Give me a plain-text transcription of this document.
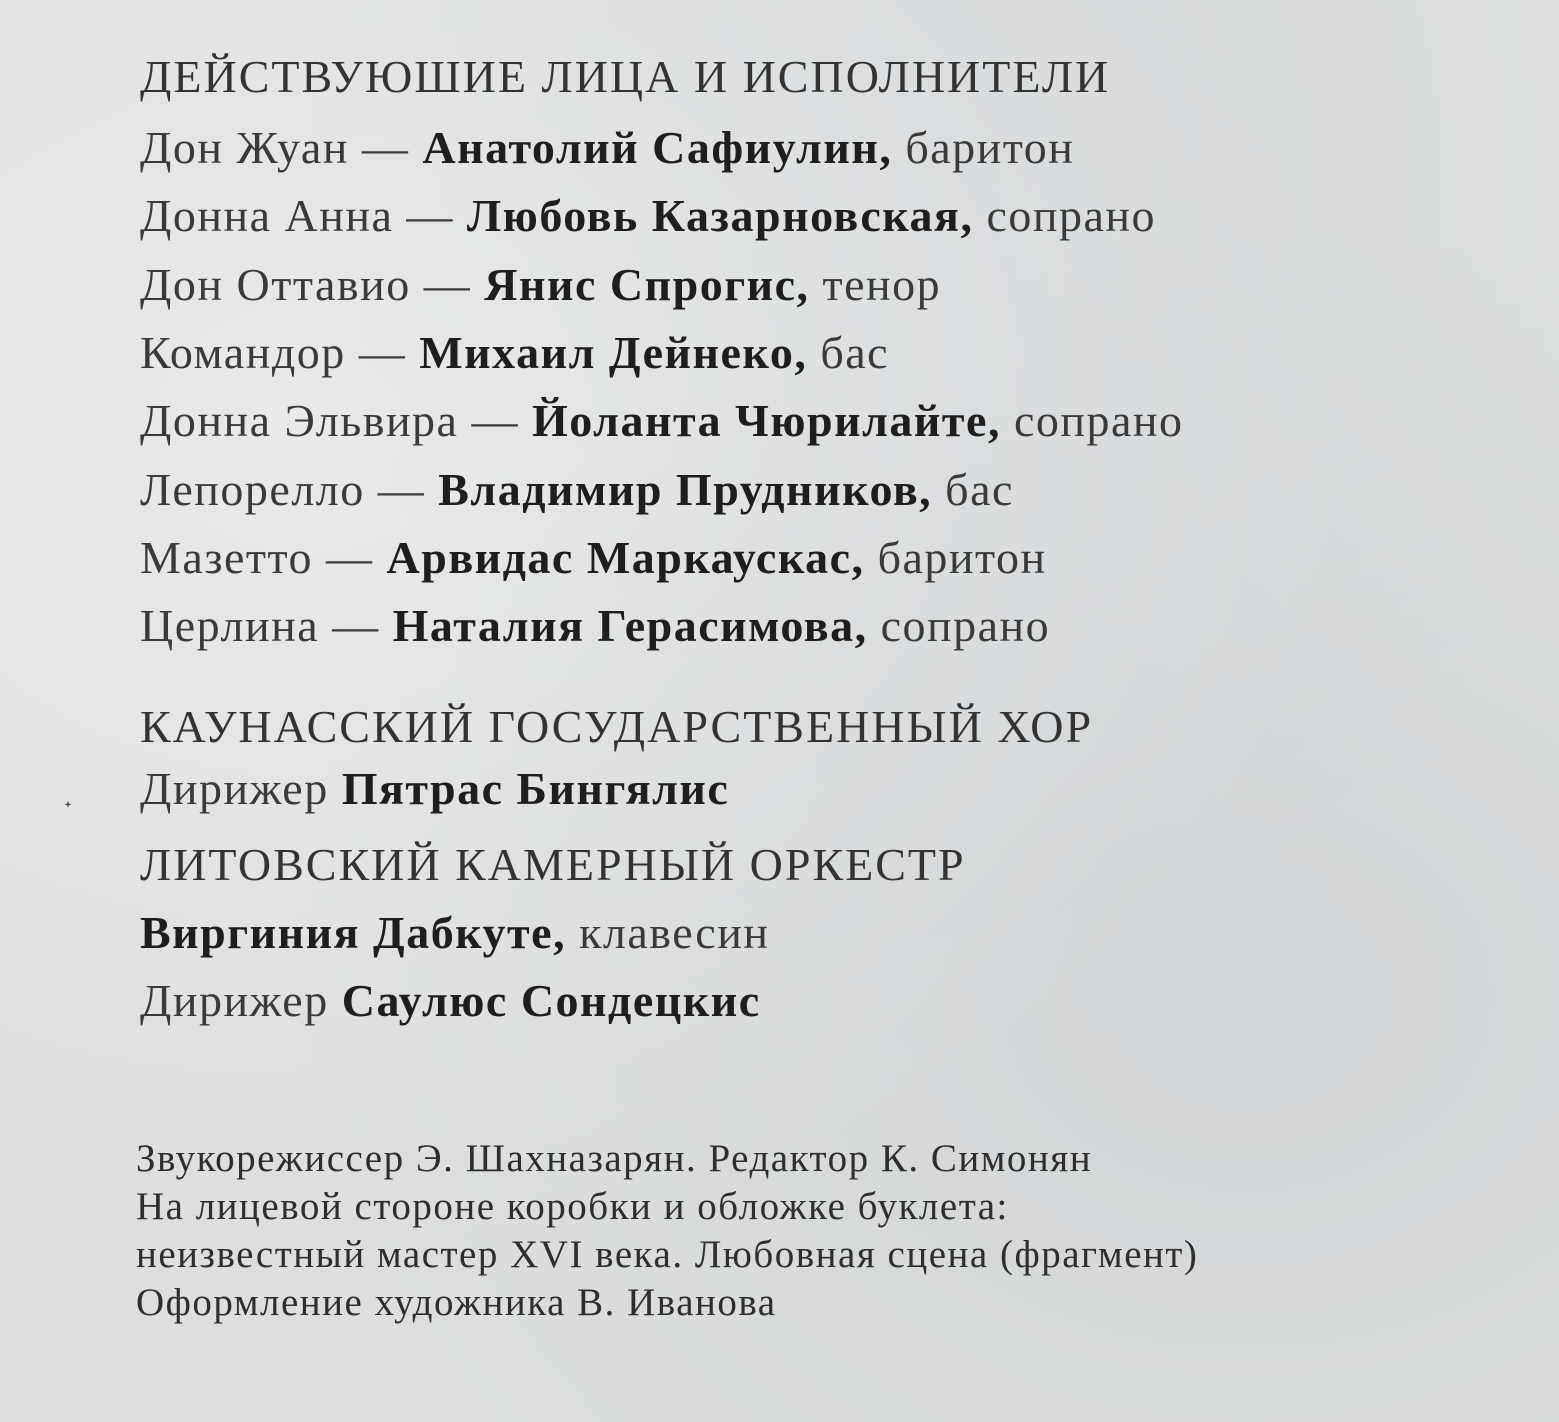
ДЕЙСТВУЮШИЕ ЛИЦА И ИСПОЛНИТЕЛИ
Дон Жуан — Анатолий Сафиулин, баритон
Донна Анна — Любовь Казарновская, сопрано
Дон Оттавио — Янис Спрогис, тенор
Командор — Михаил Дейнеко, бас
Донна Эльвира — Йоланта Чюрилайте, сопрано
Лепорелло — Владимир Прудников, бас
Мазетто — Арвидас Маркаускас, баритон
Церлина — Наталия Герасимова, сопрано
КАУНАССКИЙ ГОСУДАРСТВЕННЫЙ ХОР
Дирижер Пятрас Бингялис
ЛИТОВСКИЙ КАМЕРНЫЙ ОРКЕСТР
Виргиния Дабкуте, клавесин
Дирижер Саулюс Сондецкис
ᐩ
Звукорежиссер Э. Шахназарян. Редактор К. Симонян
На лицевой стороне коробки и обложке буклета:
неизвестный мастер XVI века. Любовная сцена (фрагмент)
Оформление художника В. Иванова
